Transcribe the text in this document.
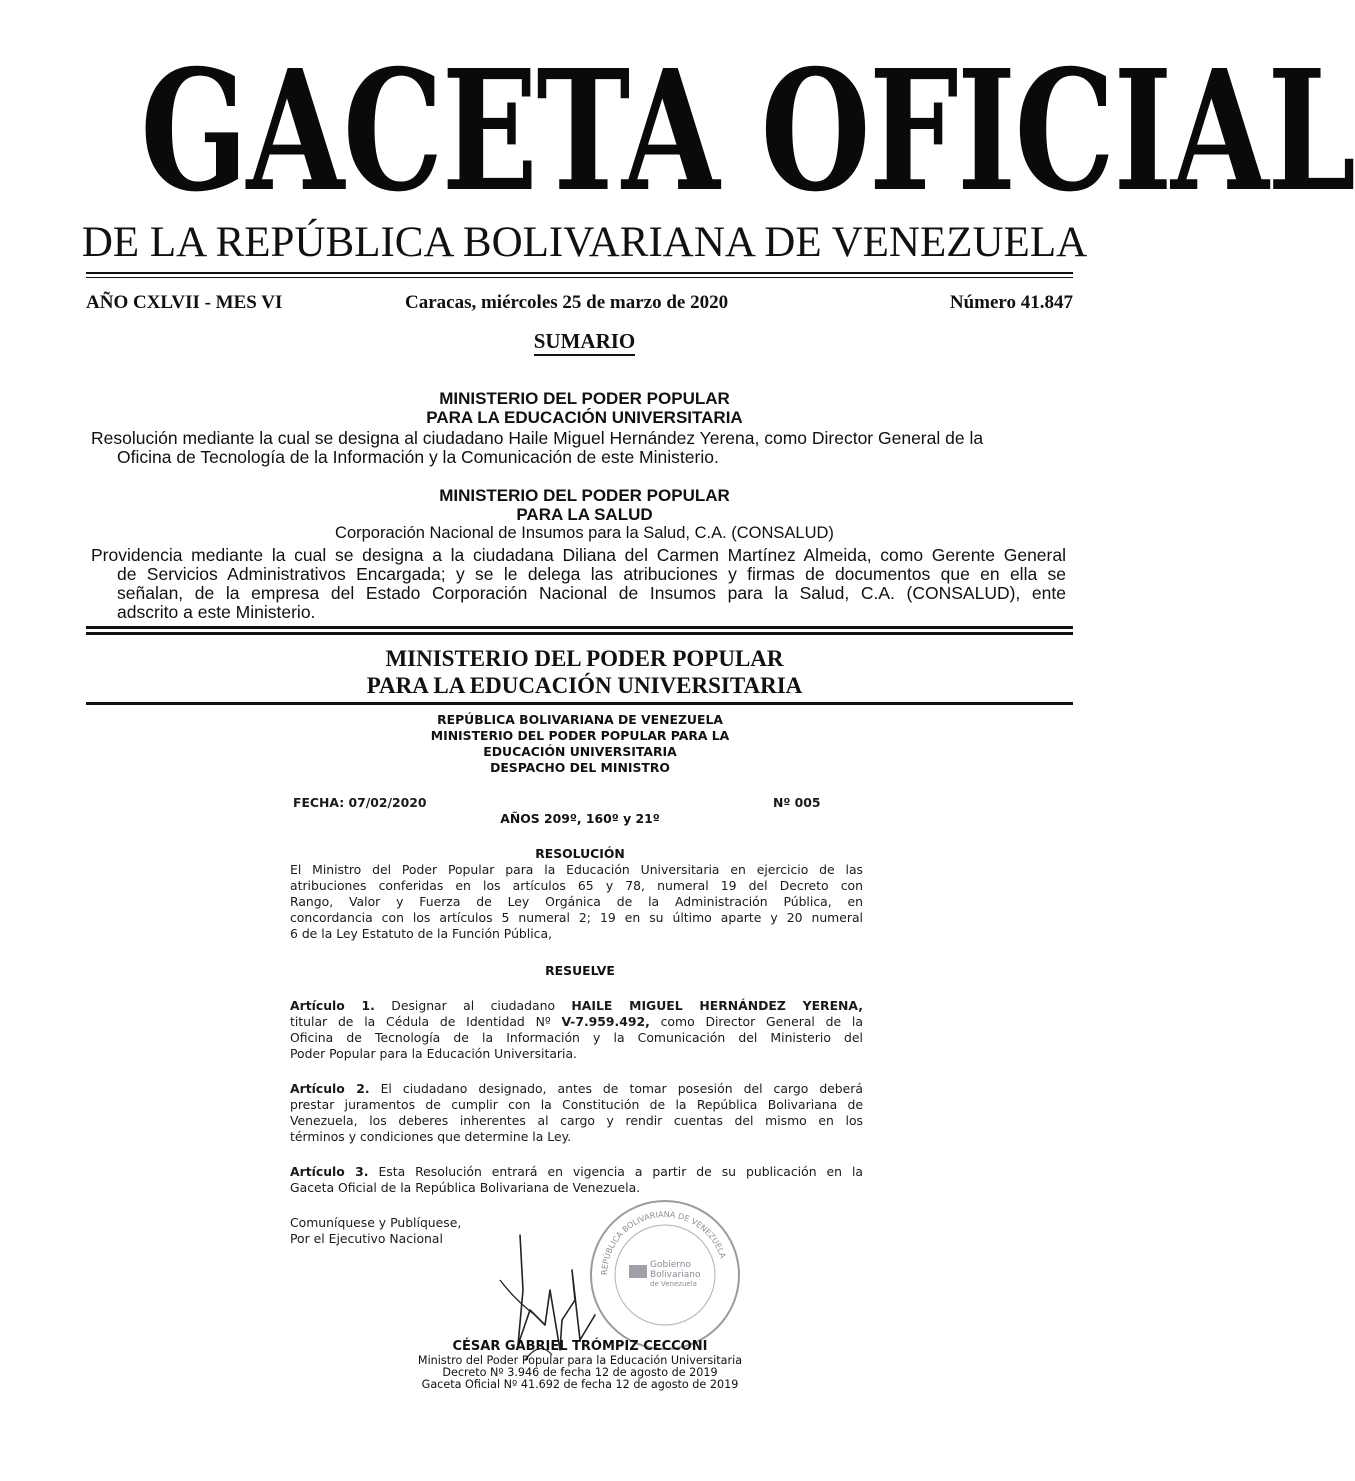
GACETA OFICIAL
DE LA REPÚBLICA BOLIVARIANA DE VENEZUELA
AÑO CXLVII - MES VI	Caracas, miércoles 25 de marzo de 2020	Número 41.847
SUMARIO
MINISTERIO DEL PODER POPULAR
PARA LA EDUCACIÓN UNIVERSITARIA
Resolución mediante la cual se designa al ciudadano Haile Miguel Hernández Yerena, como Director General de la
Oficina de Tecnología de la Información y la Comunicación de este Ministerio.
MINISTERIO DEL PODER POPULAR
PARA LA SALUD
Corporación Nacional de Insumos para la Salud, C.A. (CONSALUD)
Providencia mediante la cual se designa a la ciudadana Diliana del Carmen Martínez Almeida, como Gerente General
de Servicios Administrativos Encargada; y se le delega las atribuciones y firmas de documentos que en ella se
señalan, de la empresa del Estado Corporación Nacional de Insumos para la Salud, C.A. (CONSALUD), ente
adscrito a este Ministerio.
MINISTERIO DEL PODER POPULAR
PARA LA EDUCACIÓN UNIVERSITARIA
REPÚBLICA BOLIVARIANA DE VENEZUELA
MINISTERIO DEL PODER POPULAR PARA LA
EDUCACIÓN UNIVERSITARIA
DESPACHO DEL MINISTRO
FECHA: 07/02/2020	Nº 005
AÑOS 209º, 160º y 21º
RESOLUCIÓN
El Ministro del Poder Popular para la Educación Universitaria en ejercicio de las
atribuciones conferidas en los artículos 65 y 78, numeral 19 del Decreto con
Rango, Valor y Fuerza de Ley Orgánica de la Administración Pública, en
concordancia con los artículos 5 numeral 2; 19 en su último aparte y 20 numeral
6 de la Ley Estatuto de la Función Pública,
RESUELVE
Artículo 1. Designar al ciudadano HAILE MIGUEL HERNÁNDEZ YERENA,
titular de la Cédula de Identidad Nº V-7.959.492, como Director General de la
Oficina de Tecnología de la Información y la Comunicación del Ministerio del
Poder Popular para la Educación Universitaria.
Artículo 2. El ciudadano designado, antes de tomar posesión del cargo deberá
prestar juramentos de cumplir con la Constitución de la República Bolivariana de
Venezuela, los deberes inherentes al cargo y rendir cuentas del mismo en los
términos y condiciones que determine la Ley.
Artículo 3. Esta Resolución entrará en vigencia a partir de su publicación en la
Gaceta Oficial de la República Bolivariana de Venezuela.
Comuníquese y Publíquese,
Por el Ejecutivo Nacional
REPÚBLICA BOLIVARIANA DE VENEZUELA
Gobierno
Bolivariano
de Venezuela
CÉSAR GABRIEL TRÓMPIZ CECCONI
Ministro del Poder Popular para la Educación Universitaria
Decreto Nº 3.946 de fecha 12 de agosto de 2019
Gaceta Oficial Nº 41.692 de fecha 12 de agosto de 2019
